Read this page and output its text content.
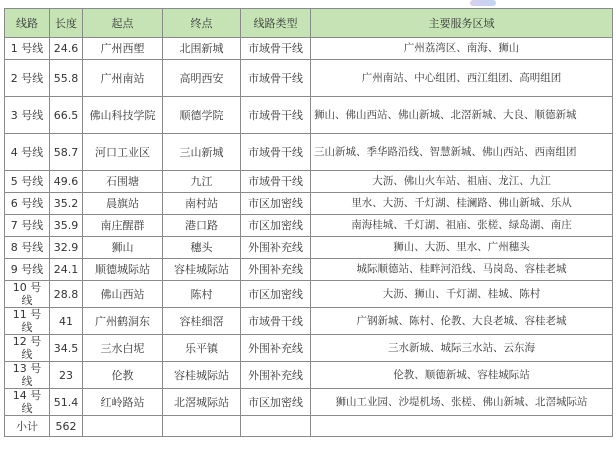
线路	长度	起点	终点	线路类型	主要服务区域
1 号线	24.6	广州西塱	北围新城	市域骨干线	广州荔湾区、南海、狮山
2 号线	55.8	广州南站	高明西安	市域骨干线	广州南站、中心组团、西江组团、高明组团
3 号线	66.5	佛山科技学院	顺德学院	市域骨干线	狮山、佛山西站、佛山新城、北滘新城、大良、顺德新城
4 号线	58.7	河口工业区	三山新城	市域骨干线	三山新城、季华路沿线、智慧新城、佛山西站、西南组团
5 号线	49.6	石围塘	九江	市域骨干线	大沥、佛山火车站、祖庙、龙江、九江
6 号线	35.2	晨旗站	南村站	市区加密线	里水、大沥、千灯湖、桂澜路、佛山新城、乐从
7 号线	35.9	南庄醒群	港口路	市区加密线	南海桂城、千灯湖、祖庙、张槎、绿岛湖、南庄
8 号线	32.9	狮山	穗头	外围补充线	狮山、大沥、里水、广州穗头
9 号线	24.1	顺德城际站	容桂城际站	外围补充线	城际顺德站、桂畔河沿线、马岗岛、容桂老城
10 号线	28.8	佛山西站	陈村	市区加密线	大沥、狮山、千灯湖、桂城、陈村
11 号线	41	广州鹤洞东	容桂细滘	市域骨干线	广钢新城、陈村、伦教、大良老城、容桂老城
12 号线	34.5	三水白坭	乐平镇	外围补充线	三水新城、城际三水站、云东海
13 号线	23	伦教	容桂城际站	外围补充线	伦教、顺德新城、容桂城际站
14 号线	51.4	红岭路站	北滘城际站	市区加密线	狮山工业园、沙堤机场、张槎、佛山新城、北滘城际站
小计	562				
